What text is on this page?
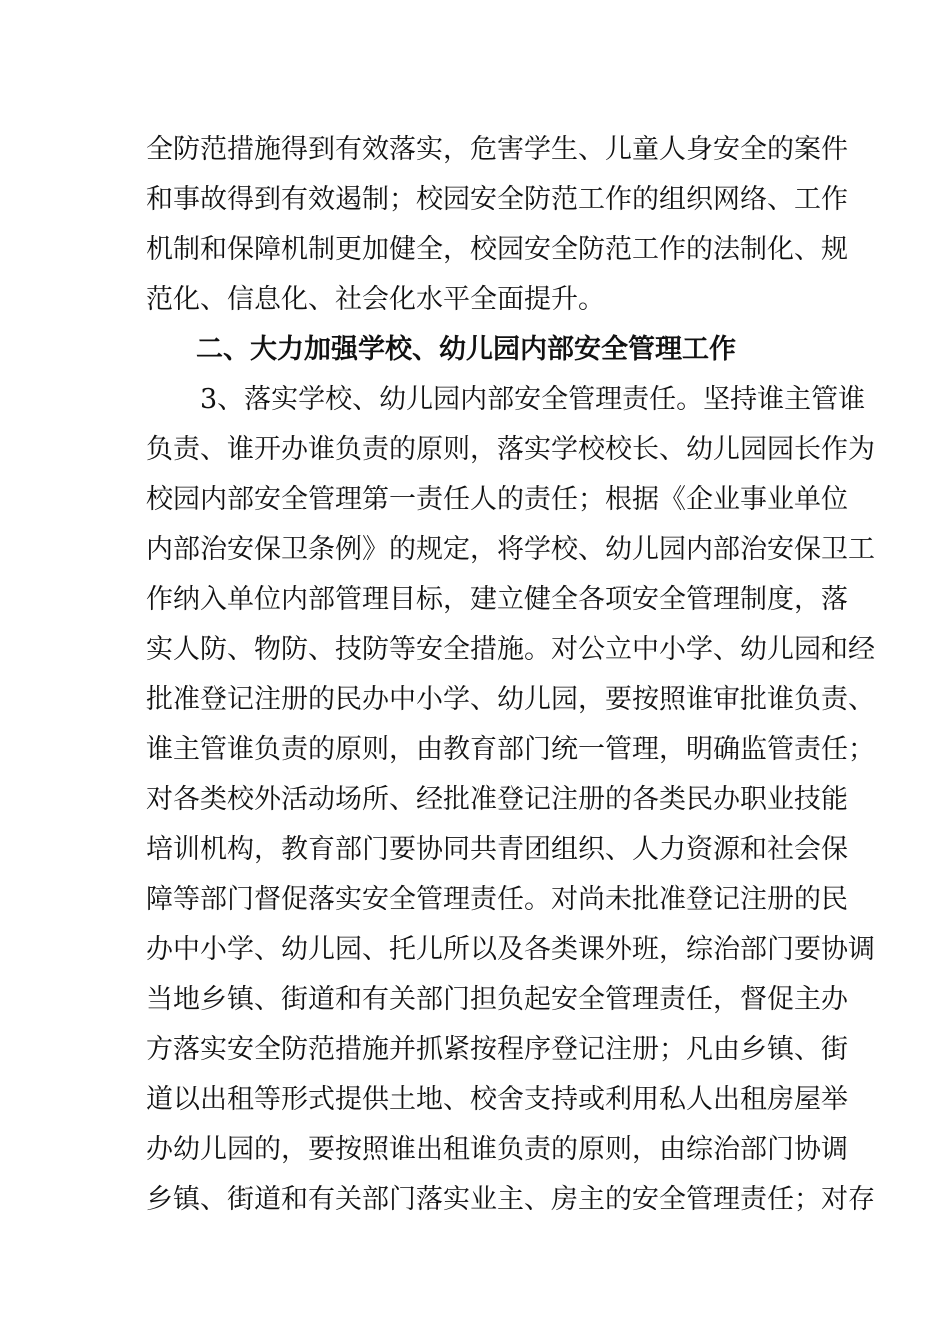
全防范措施得到有效落实，危害学生、儿童人身安全的案件
和事故得到有效遏制；校园安全防范工作的组织网络、工作
机制和保障机制更加健全，校园安全防范工作的法制化、规
范化、信息化、社会化水平全面提升。
二、大力加强学校、幼儿园内部安全管理工作
3、落实学校、幼儿园内部安全管理责任。坚持谁主管谁
负责、谁开办谁负责的原则，落实学校校长、幼儿园园长作为
校园内部安全管理第一责任人的责任；根据《企业事业单位
内部治安保卫条例》的规定，将学校、幼儿园内部治安保卫工
作纳入单位内部管理目标，建立健全各项安全管理制度，落
实人防、物防、技防等安全措施。对公立中小学、幼儿园和经
批准登记注册的民办中小学、幼儿园，要按照谁审批谁负责、
谁主管谁负责的原则，由教育部门统一管理，明确监管责任；
对各类校外活动场所、经批准登记注册的各类民办职业技能
培训机构，教育部门要协同共青团组织、人力资源和社会保
障等部门督促落实安全管理责任。对尚未批准登记注册的民
办中小学、幼儿园、托儿所以及各类课外班，综治部门要协调
当地乡镇、街道和有关部门担负起安全管理责任，督促主办
方落实安全防范措施并抓紧按程序登记注册；凡由乡镇、街
道以出租等形式提供土地、校舍支持或利用私人出租房屋举
办幼儿园的，要按照谁出租谁负责的原则，由综治部门协调
乡镇、街道和有关部门落实业主、房主的安全管理责任；对存
